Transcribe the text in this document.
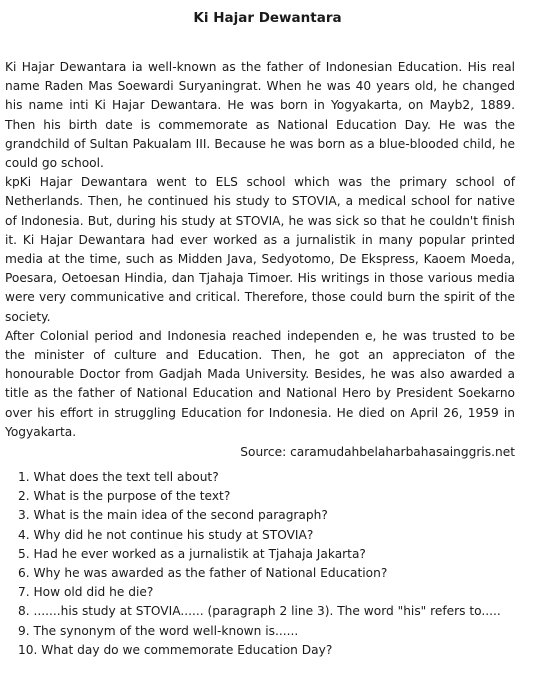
Ki Hajar Dewantara

Ki Hajar Dewantara ia well-known as the father of Indonesian Education. His real name Raden Mas Soewardi Suryaningrat. When he was 40 years old, he changed his name inti Ki Hajar Dewantara. He was born in Yogyakarta, on Mayb2, 1889. Then his birth date is commemorate as National Education Day. He was the grandchild of Sultan Pakualam III. Because he was born as a blue-blooded child, he could go school.

kpKi Hajar Dewantara went to ELS school which was the primary school of Netherlands. Then, he continued his study to STOVIA, a medical school for native of Indonesia. But, during his study at STOVIA, he was sick so that he couldn't finish it. Ki Hajar Dewantara had ever worked as a jurnalistik in many popular printed media at the time, such as Midden Java, Sedyotomo, De Ekspress, Kaoem Moeda, Poesara, Oetoesan Hindia, dan Tjahaja Timoer. His writings in those various media were very communicative and critical. Therefore, those could burn the spirit of the society.

After Colonial period and Indonesia reached independen e, he was trusted to be the minister of culture and Education. Then, he got an appreciaton of the honourable Doctor from Gadjah Mada University. Besides, he was also awarded a title as the father of National Education and National Hero by President Soekarno over his effort in struggling Education for Indonesia. He died on April 26, 1959 in Yogyakarta.

Source: caramudahbelaharbahasainggris.net
1. What does the text tell about?
2. What is the purpose of the text?
3. What is the main idea of the second paragraph?
4. Why did he not continue his study at STOVIA?
5. Had he ever worked as a jurnalistik at Tjahaja Jakarta?
6. Why he was awarded as the father of National Education?
7. How old did he die?
8. .......his study at STOVIA...... (paragraph 2 line 3). The word "his" refers to.....
9. The synonym of the word well-known is......
10. What day do we commemorate Education Day?
